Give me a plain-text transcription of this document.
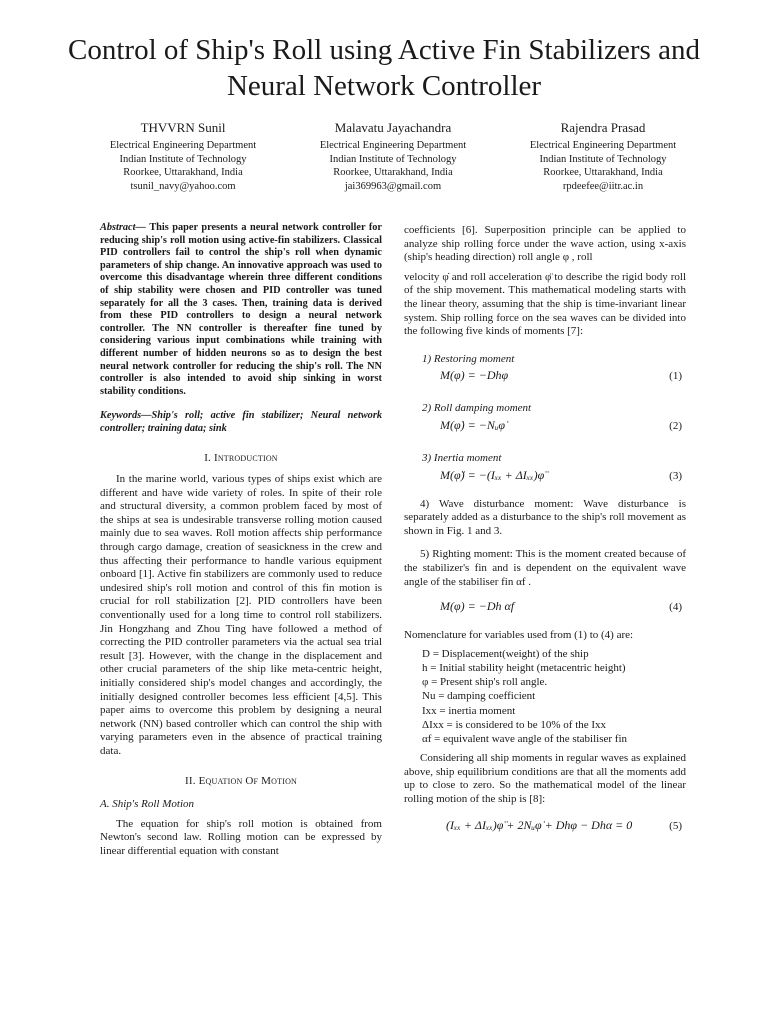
Control of Ship's Roll using Active Fin Stabilizers and Neural Network Controller
THVVRN Sunil
Electrical Engineering Department
Indian Institute of Technology
Roorkee, Uttarakhand, India
tsunil_navy@yahoo.com
Malavatu Jayachandra
Electrical Engineering Department
Indian Institute of Technology
Roorkee, Uttarakhand, India
jai369963@gmail.com
Rajendra Prasad
Electrical Engineering Department
Indian Institute of Technology
Roorkee, Uttarakhand, India
rpdeefee@iitr.ac.in

Abstract— This paper presents a neural network controller for reducing ship's roll motion using active-fin stabilizers. Classical PID controllers fail to control the ship's roll when dynamic parameters of ship change. An innovative approach was used to overcome this disadvantage wherein three different conditions of ship stability were chosen and PID controller was tuned separately for all the 3 cases. Then, training data is derived from these PID controllers to design a neural network controller. The NN controller is thereafter fine tuned by considering various input combinations while training with different number of hidden neurons so as to design the best neural network controller for reducing the ship's roll. The NN controller is also intended to avoid ship sinking in worst stability conditions.

Keywords—Ship's roll; active fin stabilizer; Neural network controller; training data; sink

I. Introduction

In the marine world, various types of ships exist which are different and have wide variety of roles. In spite of their role and structural diversity, a common problem faced by most of the ships at sea is undesirable transverse rolling motion caused mainly due to sea waves. Roll motion affects ship performance through cargo damage, creation of seasickness in the crew and thus affecting their performance to handle various equipment onboard [1]. Active fin stabilizers are commonly used to reduce undesired ship's roll motion and control of this fin motion is crucial for roll stabilization [2]. PID controllers have been conventionally used for a long time to control roll stabilizers. Jin Hongzhang and Zhou Ting have followed a method of correcting the PID controller parameters via the actual sea trial result [3]. However, with the change in the displacement and other crucial parameters of the ship like meta-centric height, initially considered ship's model changes and accordingly, the initially designed controller becomes less efficient [4,5]. This paper aims to overcome this problem by designing a neural network (NN) based controller which can control the ship with varying parameters even in the absence of practical training data.

II. Equation Of Motion
A. Ship's Roll Motion

The equation for ship's roll motion is obtained from Newton's second law. Rolling motion can be expressed by linear differential equation with constant

coefficients [6]. Superposition principle can be applied to analyze ship rolling force under the wave action, using x-axis (ship's heading direction) roll angle φ , roll

velocity φ̇ and roll acceleration φ̈ to describe the rigid body roll of the ship movement. This mathematical modeling starts with the linear theory, assuming that the ship is time-invariant linear system. Ship rolling force on the sea waves can be divided into the following five kinds of moments [7]:

1) Restoring moment
M(φ) = −Dhφ	(1)
2) Roll damping moment
M(φ̇) = −Nᵤφ̇	(2)
3) Inertia moment
M(φ̈) = −(Iₓₓ + ΔIₓₓ)φ̈	(3)

4) Wave disturbance moment: Wave disturbance is separately added as a disturbance to the ship's roll movement as shown in Fig. 1 and 3.

5) Righting moment: This is the moment created because of the stabilizer's fin and is dependent on the equivalent wave angle of the stabiliser fin αf .

M(φ) = −Dh αf	(4)

Nomenclature for variables used from (1) to (4) are:

D = Displacement(weight) of the ship
h = Initial stability height (metacentric height)
φ = Present ship's roll angle.
Nu = damping coefficient
Ixx = inertia moment
ΔIxx = is considered to be 10% of the Ixx
αf = equivalent wave angle of the stabiliser fin

Considering all ship moments in regular waves as explained above, ship equilibrium conditions are that all the moments add up to close to zero. So the mathematical model of the linear rolling motion of the ship is [8]:

(Iₓₓ + ΔIₓₓ)φ̈ + 2Nᵤφ̇ + Dhφ − Dhα = 0	(5)
